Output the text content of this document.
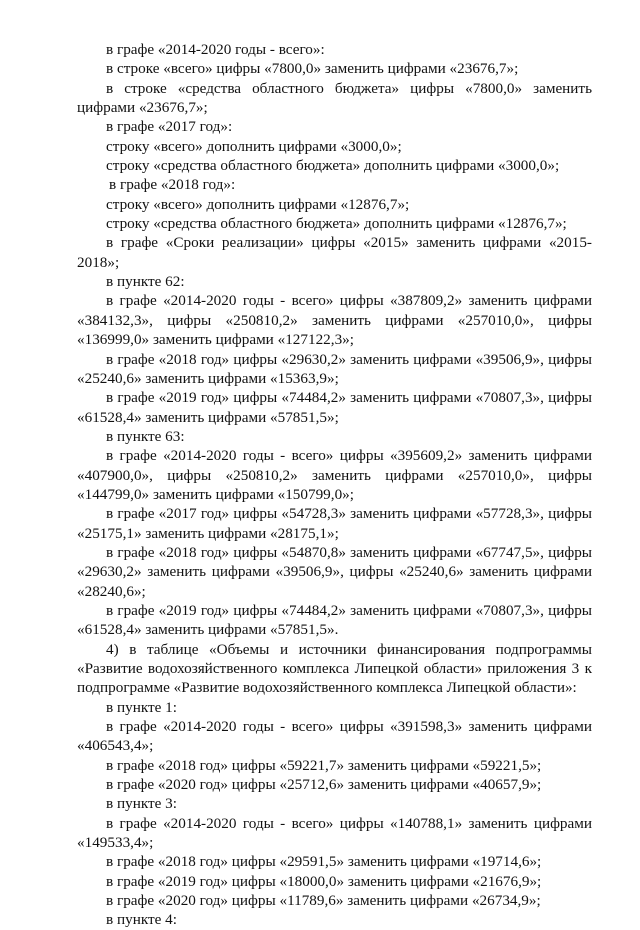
в графе «2014-2020 годы - всего»:

в строке «всего» цифры «7800,0» заменить цифрами «23676,7»;

в строке «средства областного бюджета» цифры «7800,0» заменить цифрами «23676,7»;

в графе «2017 год»:

строку «всего» дополнить цифрами «3000,0»;

строку «средства областного бюджета» дополнить цифрами «3000,0»;

в графе «2018 год»:

строку «всего» дополнить цифрами «12876,7»;

строку «средства областного бюджета» дополнить цифрами «12876,7»;

в графе «Сроки реализации» цифры «2015» заменить цифрами «2015-2018»;

в пункте 62:

в графе «2014-2020 годы - всего» цифры «387809,2» заменить цифрами «384132,3», цифры «250810,2» заменить цифрами «257010,0», цифры «136999,0» заменить цифрами «127122,3»;

в графе «2018 год» цифры «29630,2» заменить цифрами «39506,9», цифры «25240,6» заменить цифрами «15363,9»;

в графе «2019 год» цифры «74484,2» заменить цифрами «70807,3», цифры «61528,4» заменить цифрами «57851,5»;

в пункте 63:

в графе «2014-2020 годы - всего» цифры «395609,2» заменить цифрами «407900,0», цифры «250810,2» заменить цифрами «257010,0», цифры «144799,0» заменить цифрами «150799,0»;

в графе «2017 год» цифры «54728,3» заменить цифрами «57728,3», цифры «25175,1» заменить цифрами «28175,1»;

в графе «2018 год» цифры «54870,8» заменить цифрами «67747,5», цифры «29630,2» заменить цифрами «39506,9», цифры «25240,6» заменить цифрами «28240,6»;

в графе «2019 год» цифры «74484,2» заменить цифрами «70807,3», цифры «61528,4» заменить цифрами «57851,5».

4) в таблице «Объемы и источники финансирования подпрограммы «Развитие водохозяйственного комплекса Липецкой области» приложения 3 к подпрограмме «Развитие водохозяйственного комплекса Липецкой области»:

в пункте 1:

в графе «2014-2020 годы - всего» цифры «391598,3» заменить цифрами «406543,4»;

в графе «2018 год» цифры «59221,7» заменить цифрами «59221,5»;

в графе «2020 год» цифры «25712,6» заменить цифрами «40657,9»;

в пункте 3:

в графе «2014-2020 годы - всего» цифры «140788,1» заменить цифрами «149533,4»;

в графе «2018 год» цифры «29591,5» заменить цифрами «19714,6»;

в графе «2019 год» цифры «18000,0» заменить цифрами «21676,9»;

в графе «2020 год» цифры «11789,6» заменить цифрами «26734,9»;

в пункте 4:
